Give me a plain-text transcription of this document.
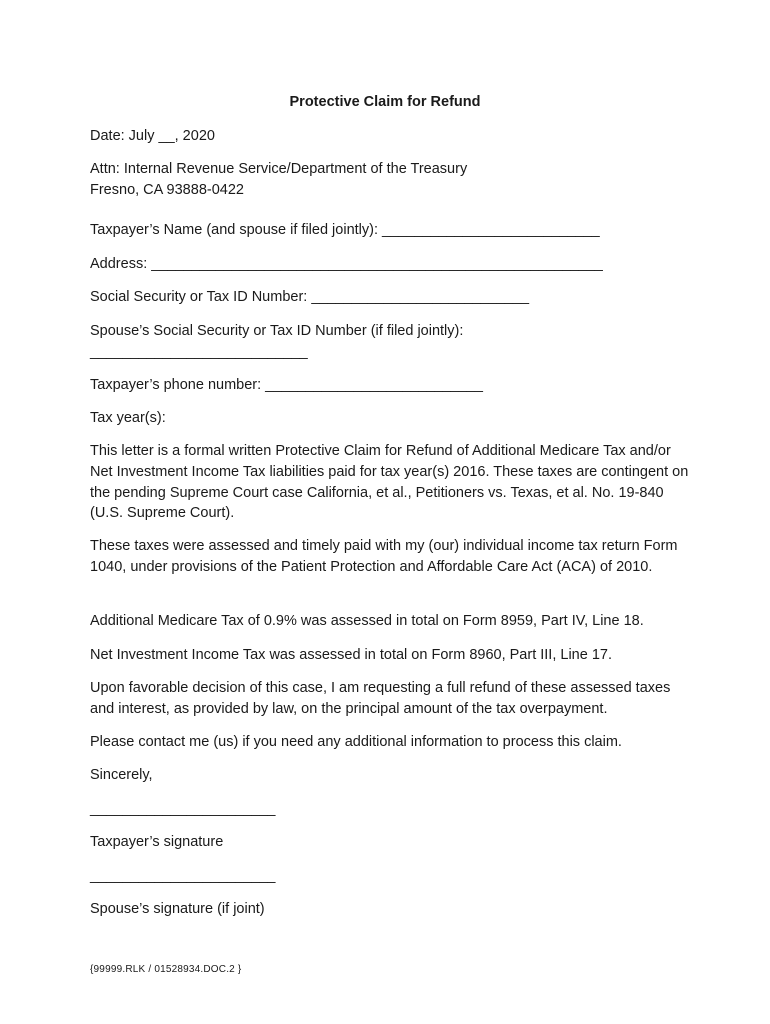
Protective Claim for Refund
Date: July __, 2020
Attn: Internal Revenue Service/Department of the Treasury
Fresno, CA 93888-0422
Taxpayer’s Name (and spouse if filed jointly): ___________________________
Address: ________________________________________________________
Social Security or Tax ID Number: ___________________________
Spouse’s Social Security or Tax ID Number (if filed jointly):
___________________________
Taxpayer’s phone number: ___________________________
Tax year(s):
This letter is a formal written Protective Claim for Refund of Additional Medicare Tax and/or Net Investment Income Tax liabilities paid for tax year(s) 2016. These taxes are contingent on the pending Supreme Court case California, et al., Petitioners vs. Texas, et al. No. 19-840 (U.S. Supreme Court).
These taxes were assessed and timely paid with my (our) individual income tax return Form 1040, under provisions of the Patient Protection and Affordable Care Act (ACA) of 2010.
Additional Medicare Tax of 0.9% was assessed in total on Form 8959, Part IV, Line 18.
Net Investment Income Tax was assessed in total on Form 8960, Part III, Line 17.
Upon favorable decision of this case, I am requesting a full refund of these assessed taxes and interest, as provided by law, on the principal amount of the tax overpayment.
Please contact me (us) if you need any additional information to process this claim.
Sincerely,
_______________________
Taxpayer’s signature
_______________________
Spouse’s signature (if joint)
{99999.RLK / 01528934.DOC.2 }
